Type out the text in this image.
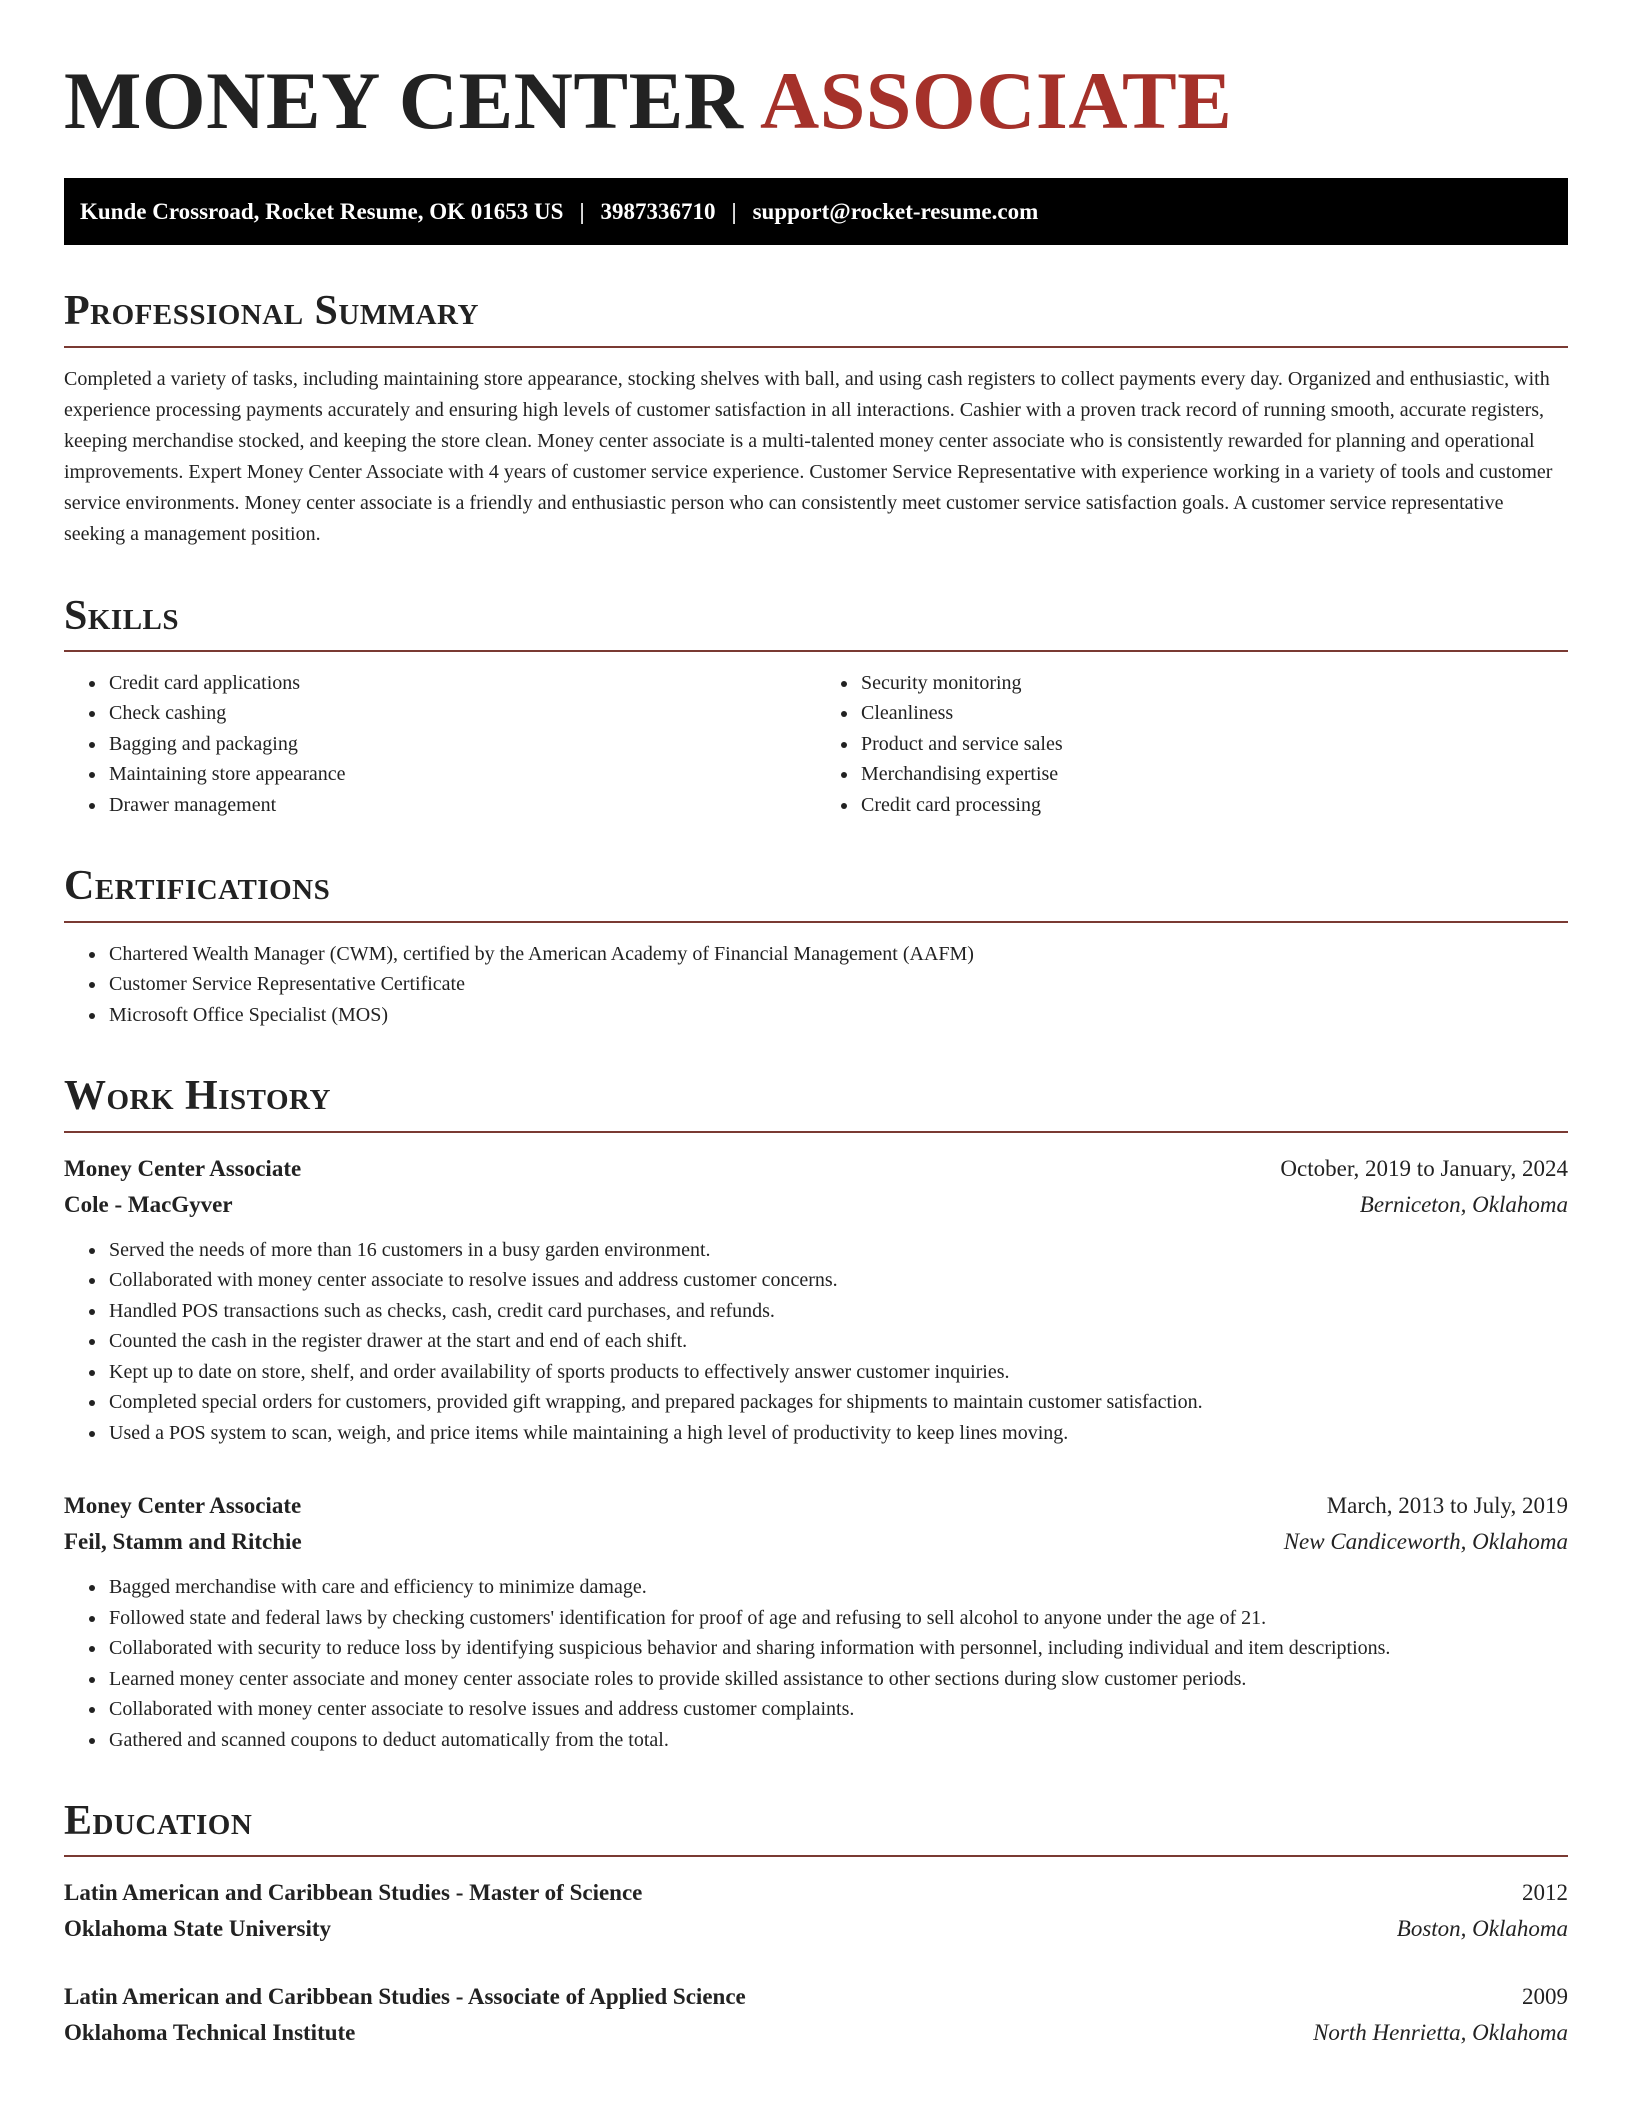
MONEY CENTER ASSOCIATE
Kunde Crossroad, Rocket Resume, OK 01653 US | 3987336710 | support@rocket-resume.com
Professional Summary

Completed a variety of tasks, including maintaining store appearance, stocking shelves with ball, and using cash registers to collect payments every day. Organized and enthusiastic, with experience processing payments accurately and ensuring high levels of customer satisfaction in all interactions. Cashier with a proven track record of running smooth, accurate registers, keeping merchandise stocked, and keeping the store clean. Money center associate is a multi-talented money center associate who is consistently rewarded for planning and operational improvements. Expert Money Center Associate with 4 years of customer service experience. Customer Service Representative with experience working in a variety of tools and customer service environments. Money center associate is a friendly and enthusiastic person who can consistently meet customer service satisfaction goals. A customer service representative seeking a management position.

Skills
• Credit card applications
• Check cashing
• Bagging and packaging
• Maintaining store appearance
• Drawer management
• Security monitoring
• Cleanliness
• Product and service sales
• Merchandising expertise
• Credit card processing
Certifications
• Chartered Wealth Manager (CWM), certified by the American Academy of Financial Management (AAFM)
• Customer Service Representative Certificate
• Microsoft Office Specialist (MOS)
Work History
Money Center Associate	October, 2019 to January, 2024
Cole - MacGyver	Berniceton, Oklahoma
• Served the needs of more than 16 customers in a busy garden environment.
• Collaborated with money center associate to resolve issues and address customer concerns.
• Handled POS transactions such as checks, cash, credit card purchases, and refunds.
• Counted the cash in the register drawer at the start and end of each shift.
• Kept up to date on store, shelf, and order availability of sports products to effectively answer customer inquiries.
• Completed special orders for customers, provided gift wrapping, and prepared packages for shipments to maintain customer satisfaction.
• Used a POS system to scan, weigh, and price items while maintaining a high level of productivity to keep lines moving.
Money Center Associate	March, 2013 to July, 2019
Feil, Stamm and Ritchie	New Candiceworth, Oklahoma
• Bagged merchandise with care and efficiency to minimize damage.
• Followed state and federal laws by checking customers' identification for proof of age and refusing to sell alcohol to anyone under the age of 21.
• Collaborated with security to reduce loss by identifying suspicious behavior and sharing information with personnel, including individual and item descriptions.
• Learned money center associate and money center associate roles to provide skilled assistance to other sections during slow customer periods.
• Collaborated with money center associate to resolve issues and address customer complaints.
• Gathered and scanned coupons to deduct automatically from the total.
Education
Latin American and Caribbean Studies - Master of Science	2012
Oklahoma State University	Boston, Oklahoma
Latin American and Caribbean Studies - Associate of Applied Science	2009
Oklahoma Technical Institute	North Henrietta, Oklahoma
